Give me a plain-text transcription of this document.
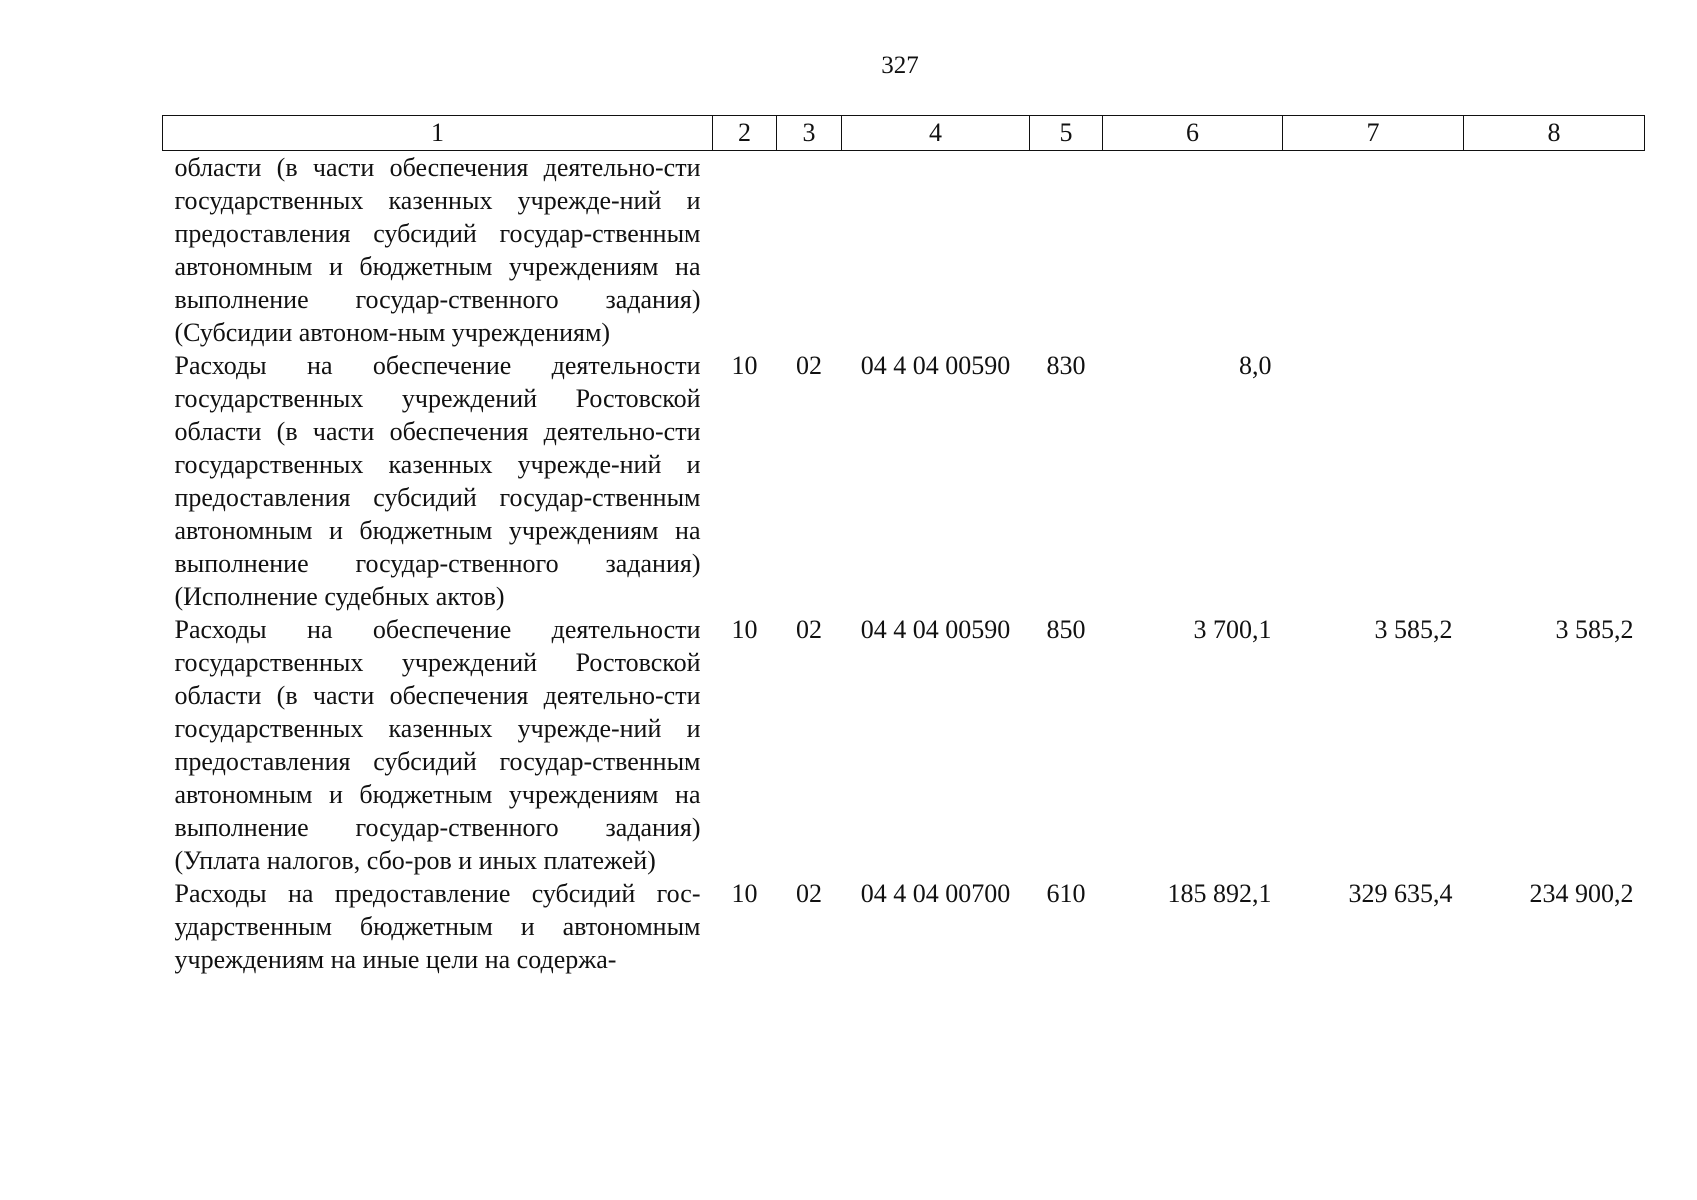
327
1	2	3	4	5	6	7	8
области (в части обеспечения деятельно-сти государственных казенных учрежде-ний и предоставления субсидий государ-ственным автономным и бюджетным учреждениям на выполнение государ-ственного задания) (Субсидии автоном-ным учреждениям)							
Расходы на обеспечение деятельности государственных учреждений Ростовской области (в части обеспечения деятельно-сти государственных казенных учрежде-ний и предоставления субсидий государ-ственным автономным и бюджетным учреждениям на выполнение государ-ственного задания) (Исполнение судебных актов)	10	02	04 4 04 00590	830	8,0		
Расходы на обеспечение деятельности государственных учреждений Ростовской области (в части обеспечения деятельно-сти государственных казенных учрежде-ний и предоставления субсидий государ-ственным автономным и бюджетным учреждениям на выполнение государ-ственного задания) (Уплата налогов, сбо-ров и иных платежей)	10	02	04 4 04 00590	850	3 700,1	3 585,2	3 585,2
Расходы на предоставление субсидий гос-ударственным бюджетным и автономным учреждениям на иные цели на содержа-	10	02	04 4 04 00700	610	185 892,1	329 635,4	234 900,2
